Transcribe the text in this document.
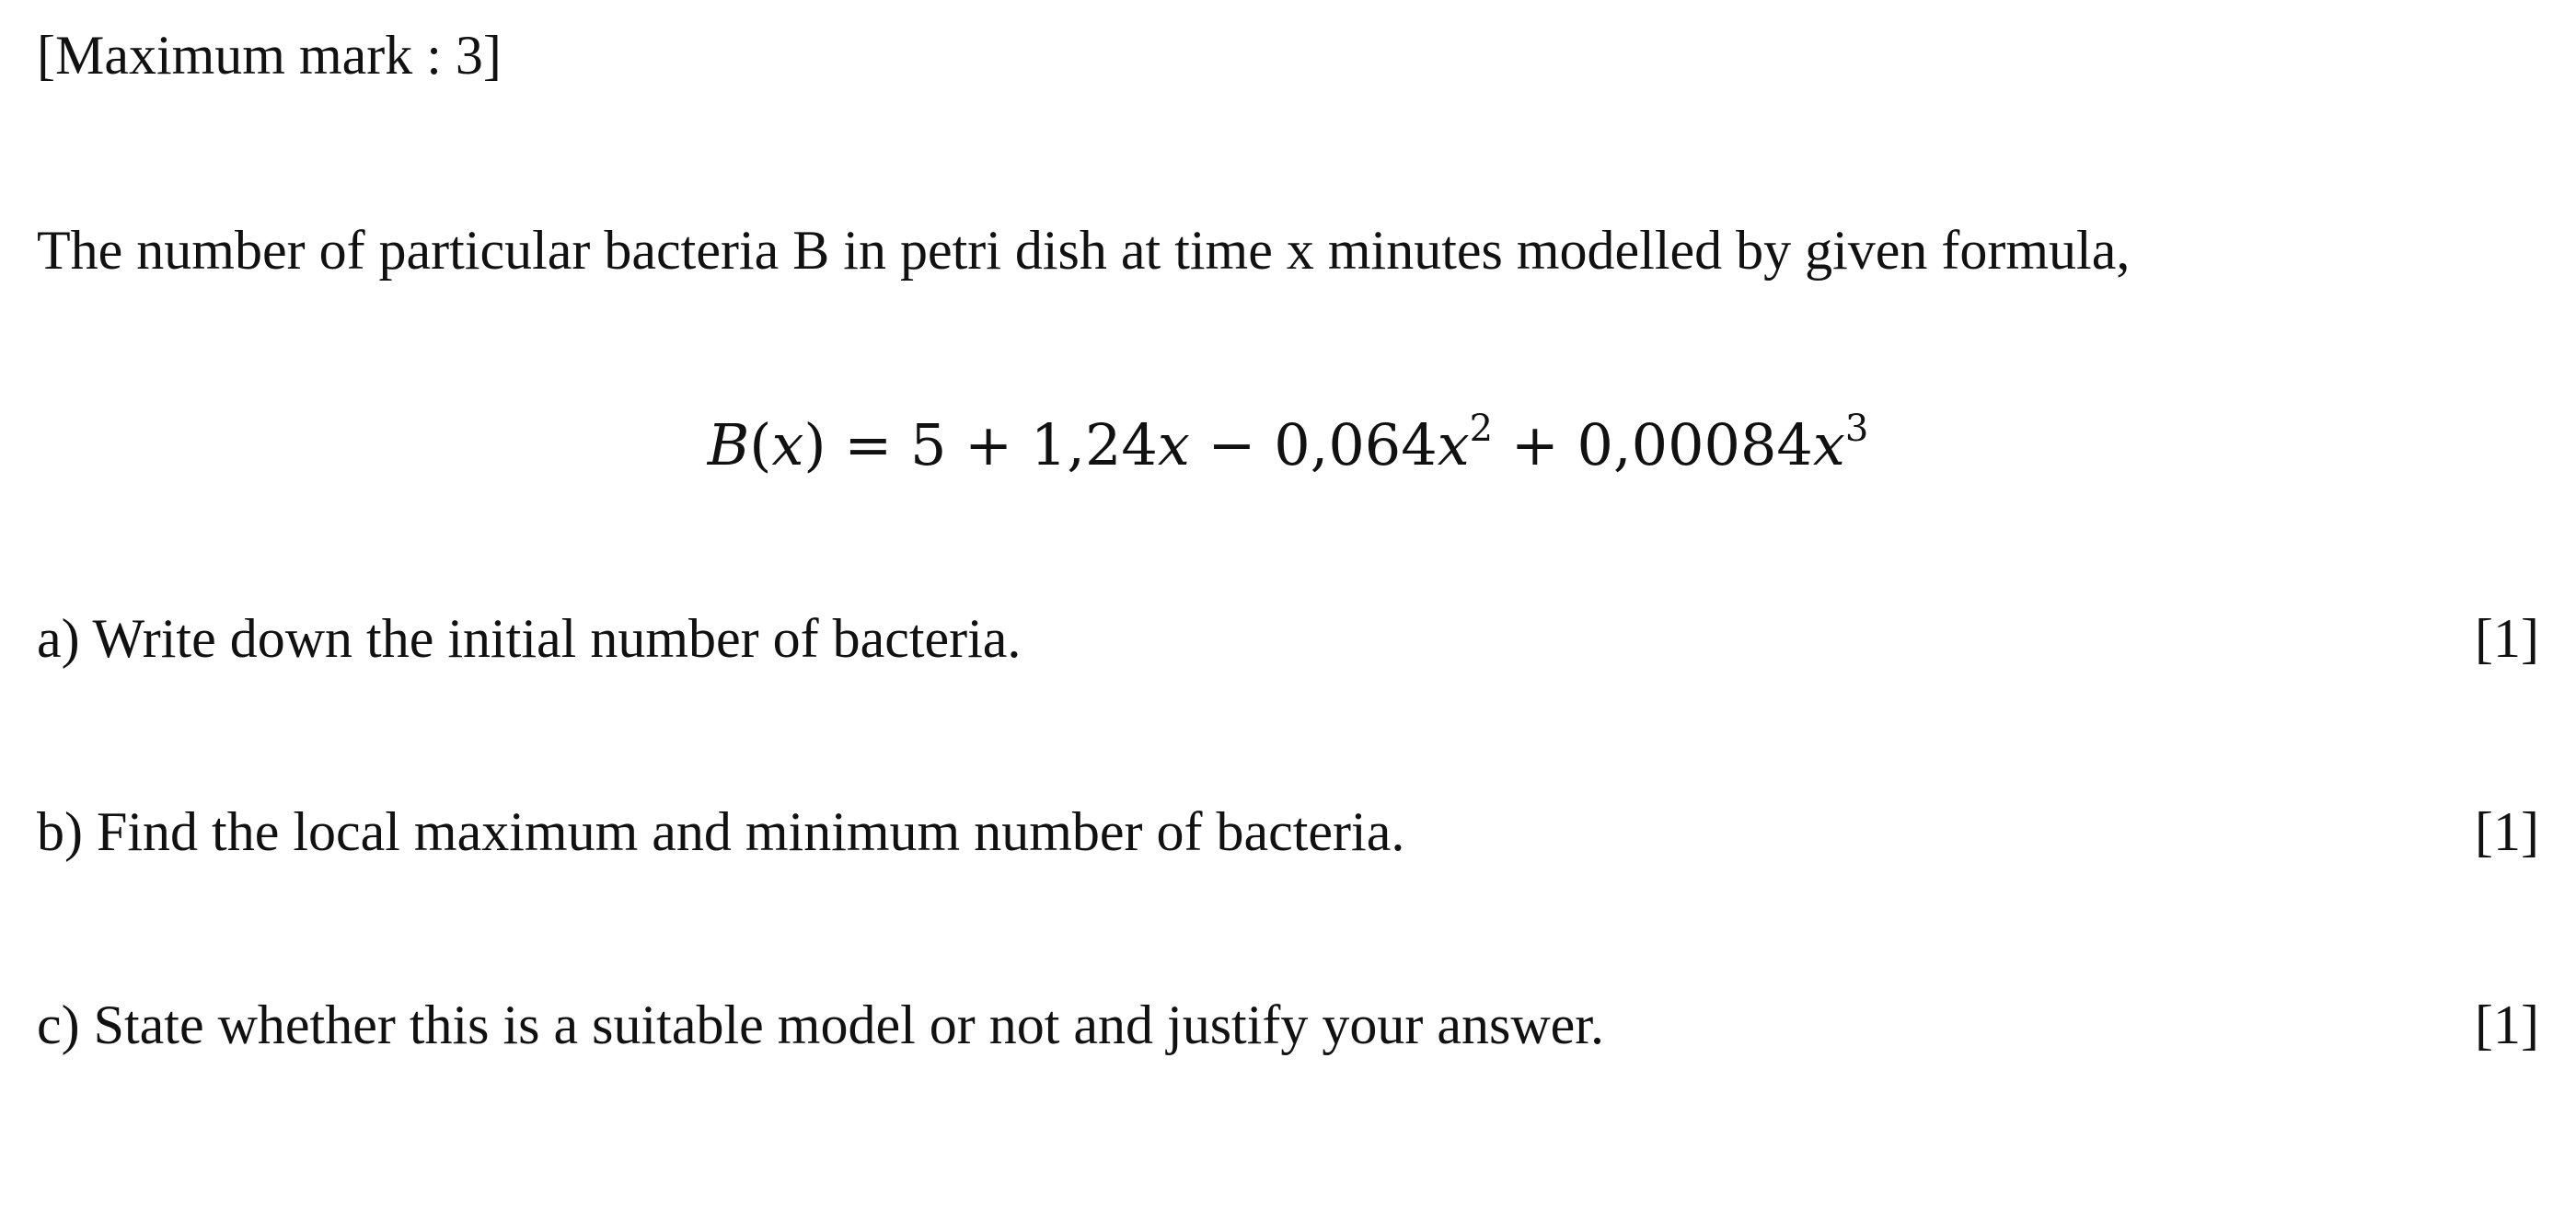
[Maximum mark : 3]
The number of particular bacteria B in petri dish at time x minutes modelled by given formula,
$B(x) = 5 + 1,24x - 0,064x^2 + 0,00084x^3$
a) Write down the initial number of bacteria.	[1]
b) Find the local maximum and minimum number of bacteria.	[1]
c) State whether this is a suitable model or not and justify your answer.	[1]
